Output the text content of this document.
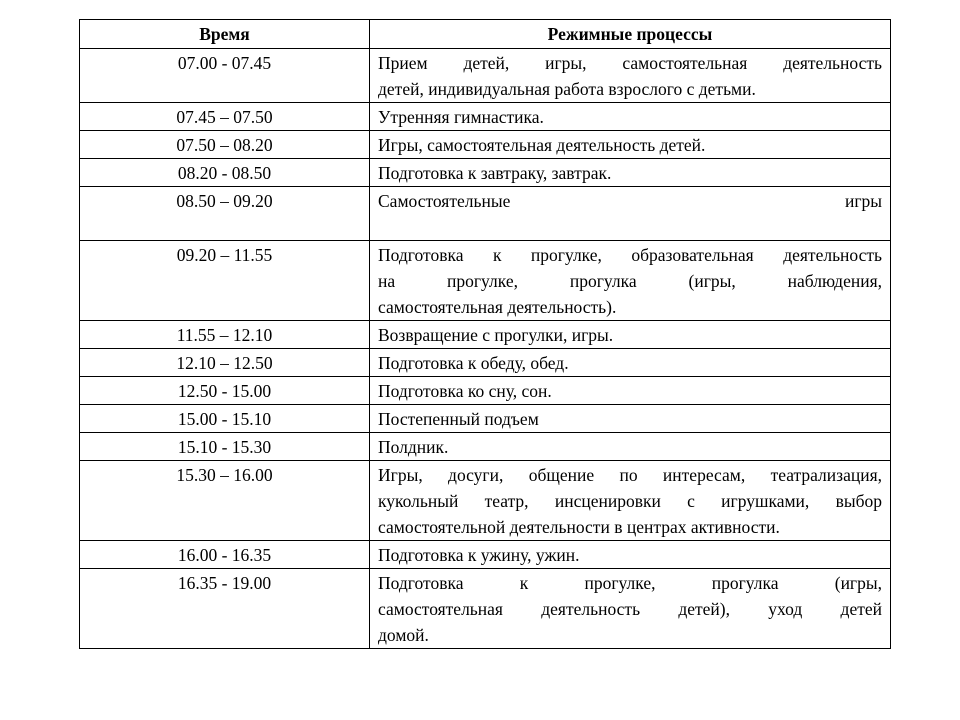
Время	Режимные процессы
07.00 - 07.45	Прием детей, игры, самостоятельная деятельность
детей, индивидуальная работа взрослого с детьми.

07.45 – 07.50	Утренняя гимнастика.

07.50 – 08.20	Игры, самостоятельная деятельность детей.

08.20 - 08.50	Подготовка к завтраку, завтрак.

08.50 – 09.20	Самостоятельные игры

09.20 – 11.55	Подготовка к прогулке, образовательная деятельность
на прогулке, прогулка (игры, наблюдения,
самостоятельная деятельность).

11.55 – 12.10	Возвращение с прогулки, игры.

12.10 – 12.50	Подготовка к обеду, обед.

12.50 - 15.00	Подготовка ко сну, сон.

15.00 - 15.10	Постепенный подъем

15.10 - 15.30	Полдник.

15.30 – 16.00	Игры, досуги, общение по интересам, театрализация,
кукольный театр, инсценировки с игрушками, выбор
самостоятельной деятельности в центрах активности.

16.00 - 16.35	Подготовка к ужину, ужин.

16.35 - 19.00	Подготовка к прогулке, прогулка (игры,
самостоятельная деятельность детей), уход детей
домой.
